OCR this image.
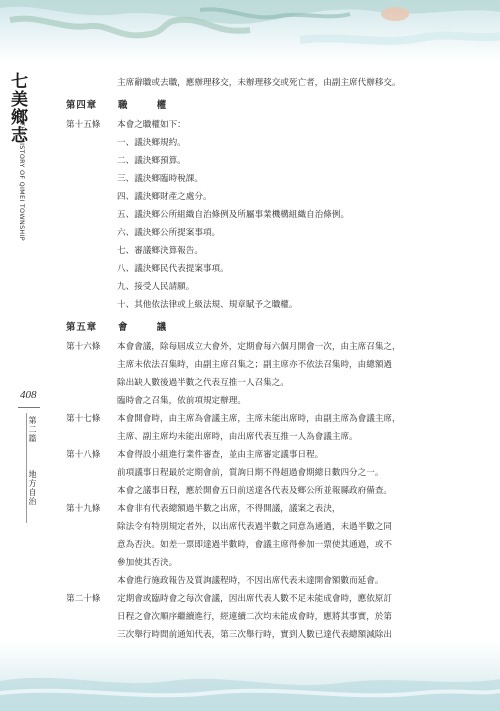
七美鄉志
THE HISTORY OF QIMEI TOWNSHIP
408
第二篇
地方自治
主席辭職或去職，應辦理移交，未辦理移交或死亡者，由副主席代辦移交。
第四章 職　權
第十五條 本會之職權如下：
一、議決鄉規約。
二、議決鄉預算。
三、議決鄉臨時稅課。
四、議決鄉財產之處分。
五、議決鄉公所組織自治條例及所屬事業機構組織自治條例。
六、議決鄉公所提案事項。
七、審議鄉決算報告。
八、議決鄉民代表提案事項。
九、接受人民請願。
十、其他依法律或上級法規、規章賦予之職權。
第五章 會　議
第十六條 本會會議，除每屆成立大會外，定期會每六個月開會一次，由主席召集之，
主席未依法召集時，由副主席召集之；副主席亦不依法召集時，由總額過
除出缺人數後過半數之代表互推一人召集之。
臨時會之召集，依前項規定辦理。
第十七條 本會開會時，由主席為會議主席，主席未能出席時，由副主席為會議主席，
主席、副主席均未能出席時，由出席代表互推一人為會議主席。
第十八條 本會得設小組進行業件審查，並由主席審定議事日程。
前項議事日程最於定期會前，質詢日期不得超過會期總日數四分之一。
本會之議事日程，應於開會五日前送達各代表及鄉公所並報縣政府備查。
第十九條 本會非有代表總額過半數之出席，不得開議，議案之表決，
除法令有特別規定者外，以出席代表過半數之同意為通過，未過半數之同
意為否決。如差一票即達過半數時，會議主席得參加一票使其通過，或不
參加使其否決。
本會進行施政報告及質詢議程時，不因出席代表未達開會額數而延會。
第二十條 定期會或臨時會之每次會議，因出席代表人數不足未能成會時，應依原訂
日程之會次順序繼續進行，經連續二次均未能成會時，應將其事實，於第
三次舉行時間前通知代表，第三次舉行時，實到人數已達代表總額減除出
